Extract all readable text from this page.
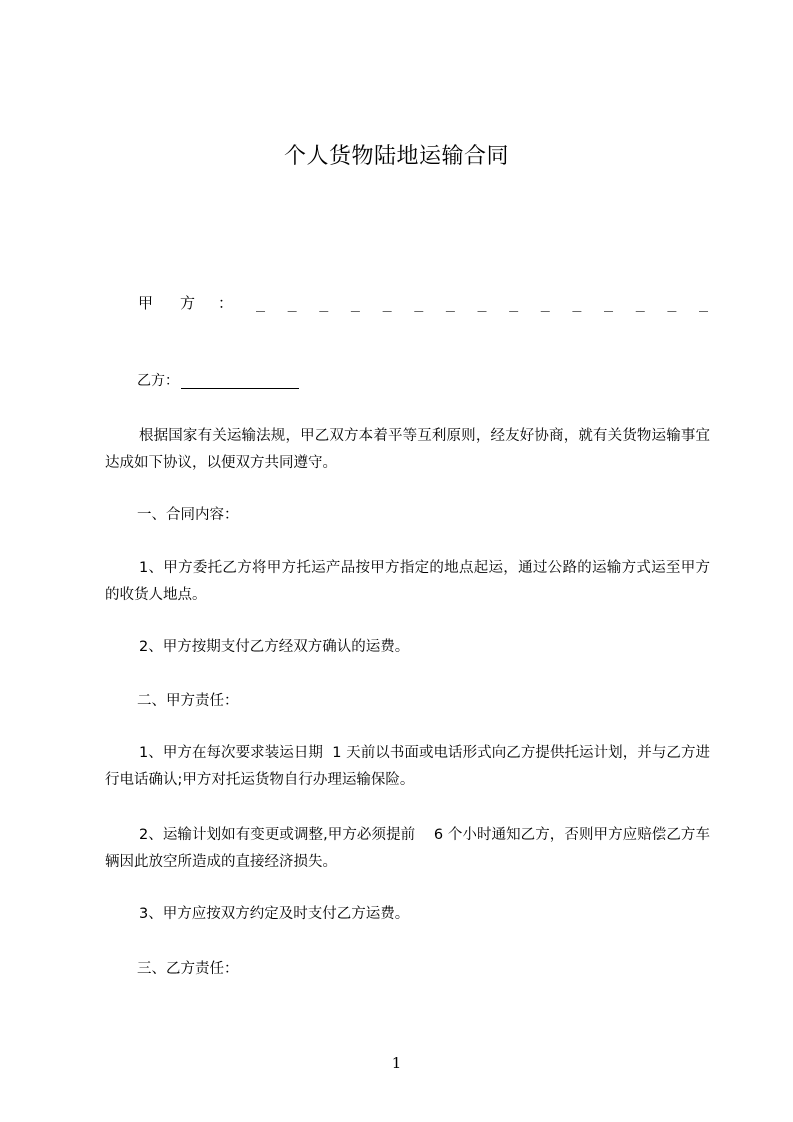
个人货物陆地运输合同
甲 方 ： _ _ _ _ _ _ _ _ _ _ _ _ _ _ _
乙方：
根据国家有关运输法规，甲乙双方本着平等互利原则，经友好协商，就有关货物运输事宜达成如下协议，以便双方共同遵守。
一、合同内容：
1、甲方委托乙方将甲方托运产品按甲方指定的地点起运，通过公路的运输方式运至甲方的收货人地点。
2、甲方按期支付乙方经双方确认的运费。
二、甲方责任：
1、甲方在每次要求装运日期  1 天前以书面或电话形式向乙方提供托运计划，并与乙方进行电话确认;甲方对托运货物自行办理运输保险。
2、运输计划如有变更或调整,甲方必须提前    6 个小时通知乙方，否则甲方应赔偿乙方车辆因此放空所造成的直接经济损失。
3、甲方应按双方约定及时支付乙方运费。
三、乙方责任：
1
